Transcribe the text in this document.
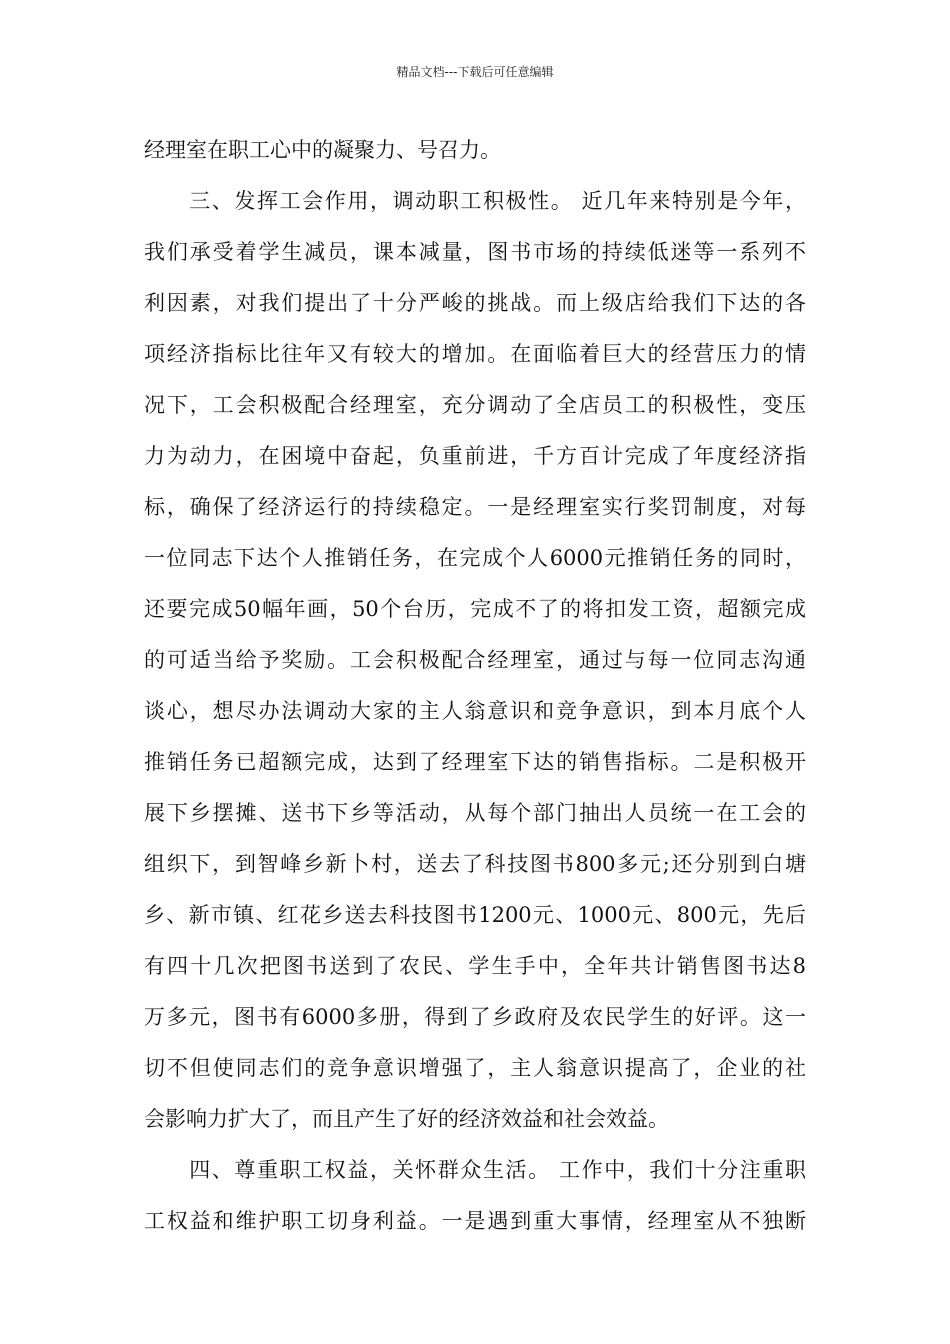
精品文档---下载后可任意编辑
经理室在职工心中的凝聚力、号召力。
　　三、发挥工会作用，调动职工积极性。 近几年来特别是今年，
我们承受着学生减员，课本减量，图书市场的持续低迷等一系列不
利因素，对我们提出了十分严峻的挑战。而上级店给我们下达的各
项经济指标比往年又有较大的增加。在面临着巨大的经营压力的情
况下，工会积极配合经理室，充分调动了全店员工的积极性，变压
力为动力，在困境中奋起，负重前进，千方百计完成了年度经济指
标，确保了经济运行的持续稳定。一是经理室实行奖罚制度，对每
一位同志下达个人推销任务，在完成个人6000元推销任务的同时，
还要完成50幅年画，50个台历，完成不了的将扣发工资，超额完成
的可适当给予奖励。工会积极配合经理室，通过与每一位同志沟通
谈心，想尽办法调动大家的主人翁意识和竞争意识，到本月底个人
推销任务已超额完成，达到了经理室下达的销售指标。二是积极开
展下乡摆摊、送书下乡等活动，从每个部门抽出人员统一在工会的
组织下，到智峰乡新卜村，送去了科技图书800多元;还分别到白塘
乡、新市镇、红花乡送去科技图书1200元、1000元、800元，先后
有四十几次把图书送到了农民、学生手中，全年共计销售图书达8
万多元，图书有6000多册，得到了乡政府及农民学生的好评。这一
切不但使同志们的竞争意识增强了，主人翁意识提高了，企业的社
会影响力扩大了，而且产生了好的经济效益和社会效益。
　　四、尊重职工权益，关怀群众生活。 工作中，我们十分注重职
工权益和维护职工切身利益。一是遇到重大事情，经理室从不独断
